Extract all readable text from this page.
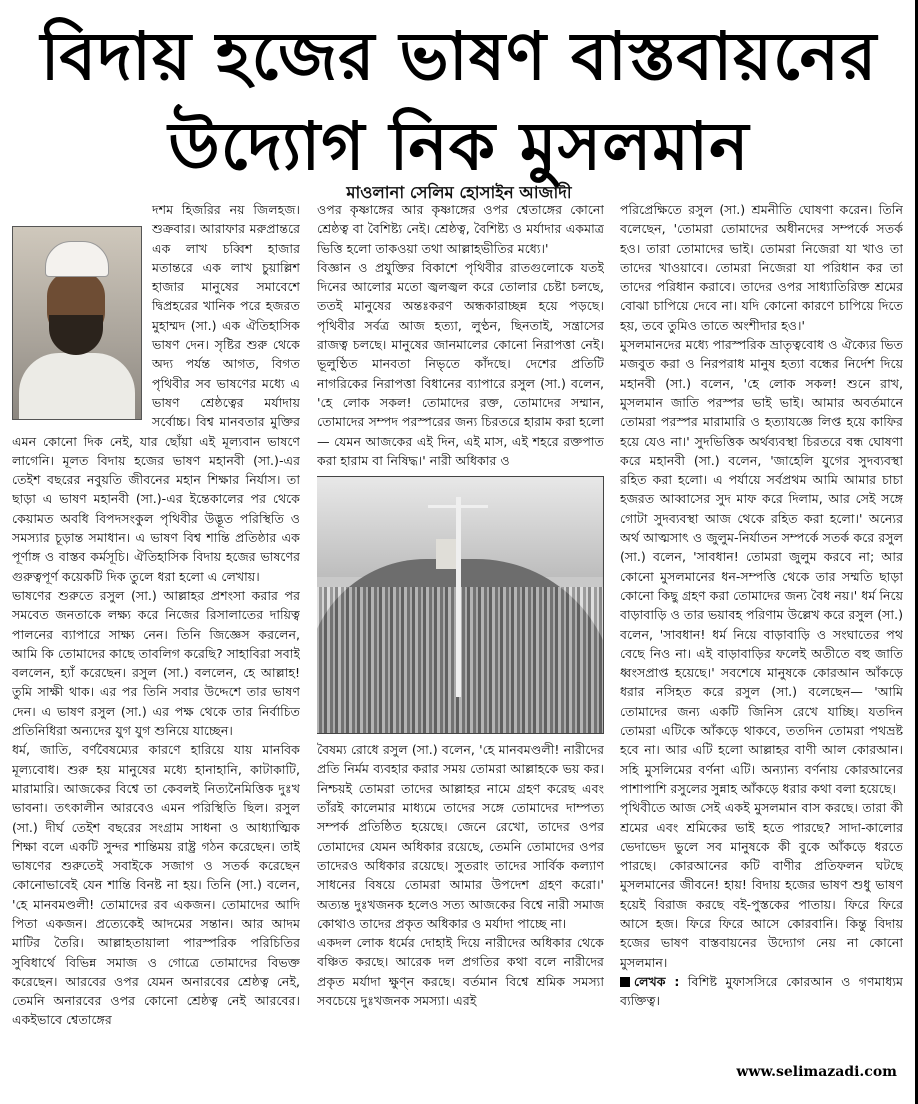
বিদায় হজের ভাষণ বাস্তবায়নের
উদ্যোগ নিক মুসলমান
মাওলানা সেলিম হোসাইন আজাদী

দশম হিজরির নয় জিলহজ। শুক্রবার। আরাফার মরুপ্রান্তরে এক লাখ চব্বিশ হাজার মতান্তরে এক লাখ চুয়াল্লিশ হাজার মানুষের সমাবেশে দ্বিপ্রহরের খানিক পরে হজরত মুহাম্মদ (সা.) এক ঐতিহাসিক ভাষণ দেন। সৃষ্টির শুরু থেকে অদ্য পর্যন্ত আগত, বিগত পৃথিবীর সব ভাষণের মধ্যে এ ভাষণ শ্রেষ্ঠত্বের মর্যাদায় সর্বোচ্চ। বিশ্ব মানবতার মুক্তির এমন কোনো দিক নেই, যার ছোঁয়া এই মূল্যবান ভাষণে লাগেনি। মূলত বিদায় হজের ভাষণ মহানবী (সা.)-এর তেইশ বছরের নবুয়তি জীবনের মহান শিক্ষার নির্যাস। তা ছাড়া এ ভাষণ মহানবী (সা.)-এর ইন্তেকালের পর থেকে কেয়ামত অবধি বিপদসংকুল পৃথিবীর উদ্ভূত পরিস্থিতি ও সমস্যার চূড়ান্ত সমাধান। এ ভাষণ বিশ্ব শান্তি প্রতিষ্ঠার এক পূর্ণাঙ্গ ও বাস্তব কর্মসূচি। ঐতিহাসিক বিদায় হজের ভাষণের গুরুত্বপূর্ণ কয়েকটি দিক তুলে ধরা হলো এ লেখায়।

ভাষণের শুরুতে রসুল (সা.) আল্লাহর প্রশংসা করার পর সমবেত জনতাকে লক্ষ্য করে নিজের রিসালাতের দায়িত্ব পালনের ব্যাপারে সাক্ষ্য নেন। তিনি জিজ্ঞেস করলেন, আমি কি তোমাদের কাছে তাবলিগ করেছি? সাহাবিরা সবাই বললেন, হ্যাঁ করেছেন। রসুল (সা.) বললেন, হে আল্লাহ! তুমি সাক্ষী থাক। এর পর তিনি সবার উদ্দেশে তার ভাষণ দেন। এ ভাষণ রসুল (সা.) এর পক্ষ থেকে তার নির্বাচিত প্রতিনিধিরা অন্যদের যুগ যুগ শুনিয়ে যাচ্ছেন।

ধর্ম, জাতি, বর্ণবৈষম্যের কারণে হারিয়ে যায় মানবিক মূল্যবোধ। শুরু হয় মানুষের মধ্যে হানাহানি, কাটাকাটি, মারামারি। আজকের বিশ্বে তা কেবলই নিত্যনৈমিত্তিক দুঃখ ভাবনা। তৎকালীন আরবেও এমন পরিস্থিতি ছিল। রসুল (সা.) দীর্ঘ তেইশ বছরের সংগ্রাম সাধনা ও আধ্যাত্মিক শিক্ষা বলে একটি সুন্দর শান্তিময় রাষ্ট্র গঠন করেছেন। তাই ভাষণের শুরুতেই সবাইকে সজাগ ও সতর্ক করেছেন কোনোভাবেই যেন শান্তি বিনষ্ট না হয়। তিনি (সা.) বলেন, 'হে মানবমণ্ডলী! তোমাদের রব একজন। তোমাদের আদি পিতা একজন। প্রত্যেকেই আদমের সন্তান। আর আদম মাটির তৈরি। আল্লাহতায়ালা পারস্পরিক পরিচিতির সুবিধার্থে বিভিন্ন সমাজ ও গোত্রে তোমাদের বিভক্ত করেছেন। আরবের ওপর যেমন অনারবের শ্রেষ্ঠত্ব নেই, তেমনি অনারবের ওপর কোনো শ্রেষ্ঠত্ব নেই আরবের। একইভাবে শ্বেতাঙ্গের

ওপর কৃষ্ণাঙ্গের আর কৃষ্ণাঙ্গের ওপর শ্বেতাঙ্গের কোনো শ্রেষ্ঠত্ব বা বৈশিষ্ট্য নেই। শ্রেষ্ঠত্ব, বৈশিষ্ট্য ও মর্যাদার একমাত্র ভিত্তি হলো তাকওয়া তথা আল্লাহভীতির মধ্যে।'

বিজ্ঞান ও প্রযুক্তির বিকাশে পৃথিবীর রাতগুলোকে যতই দিনের আলোর মতো জ্বলজ্বল করে তোলার চেষ্টা চলছে, ততই মানুষের অন্তঃকরণ অন্ধকারাচ্ছন্ন হয়ে পড়ছে। পৃথিবীর সর্বত্র আজ হত্যা, লুণ্ঠন, ছিনতাই, সন্ত্রাসের রাজত্ব চলছে। মানুষের জানমালের কোনো নিরাপত্তা নেই। ভূলুণ্ঠিত মানবতা নিভৃতে কাঁদছে। দেশের প্রতিটি নাগরিকের নিরাপত্তা বিধানের ব্যাপারে রসুল (সা.) বলেন, 'হে লোক সকল! তোমাদের রক্ত, তোমাদের সম্মান, তোমাদের সম্পদ পরস্পরের জন্য চিরতরে হারাম করা হলো— যেমন আজকের এই দিন, এই মাস, এই শহরে রক্তপাত করা হারাম বা নিষিদ্ধ।' নারী অধিকার ও

বৈষম্য রোধে রসুল (সা.) বলেন, 'হে মানবমণ্ডলী! নারীদের প্রতি নির্মম ব্যবহার করার সময় তোমরা আল্লাহকে ভয় কর। নিশ্চয়ই তোমরা তাদের আল্লাহর নামে গ্রহণ করেছ এবং তাঁরই কালেমার মাধ্যমে তাদের সঙ্গে তোমাদের দাম্পত্য সম্পর্ক প্রতিষ্ঠিত হয়েছে। জেনে রেখো, তাদের ওপর তোমাদের যেমন অধিকার রয়েছে, তেমনি তোমাদের ওপর তাদেরও অধিকার রয়েছে। সুতরাং তাদের সার্বিক কল্যাণ সাধনের বিষয়ে তোমরা আমার উপদেশ গ্রহণ করো।' অত্যন্ত দুঃখজনক হলেও সত্য আজকের বিশ্বে নারী সমাজ কোথাও তাদের প্রকৃত অধিকার ও মর্যাদা পাচ্ছে না।

একদল লোক ধর্মের দোহাই দিয়ে নারীদের অধিকার থেকে বঞ্চিত করছে। আরেক দল প্রগতির কথা বলে নারীদের প্রকৃত মর্যাদা ক্ষুণ্ন করছে। বর্তমান বিশ্বে শ্রমিক সমস্যা সবচেয়ে দুঃখজনক সমস্যা। এরই

পরিপ্রেক্ষিতে রসুল (সা.) শ্রমনীতি ঘোষণা করেন। তিনি বলেছেন, 'তোমরা তোমাদের অধীনদের সম্পর্কে সতর্ক হও। তারা তোমাদের ভাই। তোমরা নিজেরা যা খাও তা তাদের খাওয়াবে। তোমরা নিজেরা যা পরিধান কর তা তাদের পরিধান করাবে। তাদের ওপর সাধ্যাতিরিক্ত শ্রমের বোঝা চাপিয়ে দেবে না। যদি কোনো কারণে চাপিয়ে দিতে হয়, তবে তুমিও তাতে অংশীদার হও।'

মুসলমানদের মধ্যে পারস্পরিক ভ্রাতৃত্ববোধ ও ঐক্যের ভিত মজবুত করা ও নিরপরাধ মানুষ হত্যা বন্ধের নির্দেশ দিয়ে মহানবী (সা.) বলেন, 'হে লোক সকল! শুনে রাখ, মুসলমান জাতি পরস্পর ভাই ভাই। আমার অবর্তমানে তোমরা পরস্পর মারামারি ও হত্যাযজ্ঞে লিপ্ত হয়ে কাফির হয়ে যেও না।' সুদভিত্তিক অর্থব্যবস্থা চিরতরে বন্ধ ঘোষণা করে মহানবী (সা.) বলেন, 'জাহেলি যুগের সুদব্যবস্থা রহিত করা হলো। এ পর্যায়ে সর্বপ্রথম আমি আমার চাচা হজরত আব্বাসের সুদ মাফ করে দিলাম, আর সেই সঙ্গে গোটা সুদব্যবস্থা আজ থেকে রহিত করা হলো।' অন্যের অর্থ আত্মসাৎ ও জুলুম-নির্যাতন সম্পর্কে সতর্ক করে রসুল (সা.) বলেন, 'সাবধান! তোমরা জুলুম করবে না; আর কোনো মুসলমানের ধন-সম্পত্তি থেকে তার সম্মতি ছাড়া কোনো কিছু গ্রহণ করা তোমাদের জন্য বৈধ নয়।' ধর্ম নিয়ে বাড়াবাড়ি ও তার ভয়াবহ পরিণাম উল্লেখ করে রসুল (সা.) বলেন, 'সাবধান! ধর্ম নিয়ে বাড়াবাড়ি ও সংঘাতের পথ বেছে নিও না। এই বাড়াবাড়ির ফলেই অতীতে বহু জাতি ধ্বংসপ্রাপ্ত হয়েছে।' সবশেষে মানুষকে কোরআন আঁকড়ে ধরার নসিহত করে রসুল (সা.) বলেছেন— 'আমি তোমাদের জন্য একটি জিনিস রেখে যাচ্ছি। যতদিন তোমরা এটিকে আঁকড়ে থাকবে, ততদিন তোমরা পথভ্রষ্ট হবে না। আর এটি হলো আল্লাহর বাণী আল কোরআন। সহি মুসলিমের বর্ণনা এটি। অন্যান্য বর্ণনায় কোরআনের পাশাপাশি রসুলের সুন্নাহ আঁকড়ে ধরার কথা বলা হয়েছে।

পৃথিবীতে আজ সেই একই মুসলমান বাস করছে। তারা কী শ্রমের এবং শ্রমিকের ভাই হতে পারছে? সাদা-কালোর ভেদাভেদ ভুলে সব মানুষকে কী বুকে আঁকড়ে ধরতে পারছে। কোরআনের কটি বাণীর প্রতিফলন ঘটছে মুসলমানের জীবনে! হায়! বিদায় হজের ভাষণ শুধু ভাষণ হয়েই বিরাজ করছে বই-পুস্তকের পাতায়। ফিরে ফিরে আসে হজ। ফিরে ফিরে আসে কোরবানি। কিন্তু বিদায় হজের ভাষণ বাস্তবায়নের উদ্যোগ নেয় না কোনো মুসলমান।

লেখক : বিশিষ্ট মুফাসসিরে কোরআন ও গণমাধ্যম ব্যক্তিত্ব।

www.selimazadi.com
